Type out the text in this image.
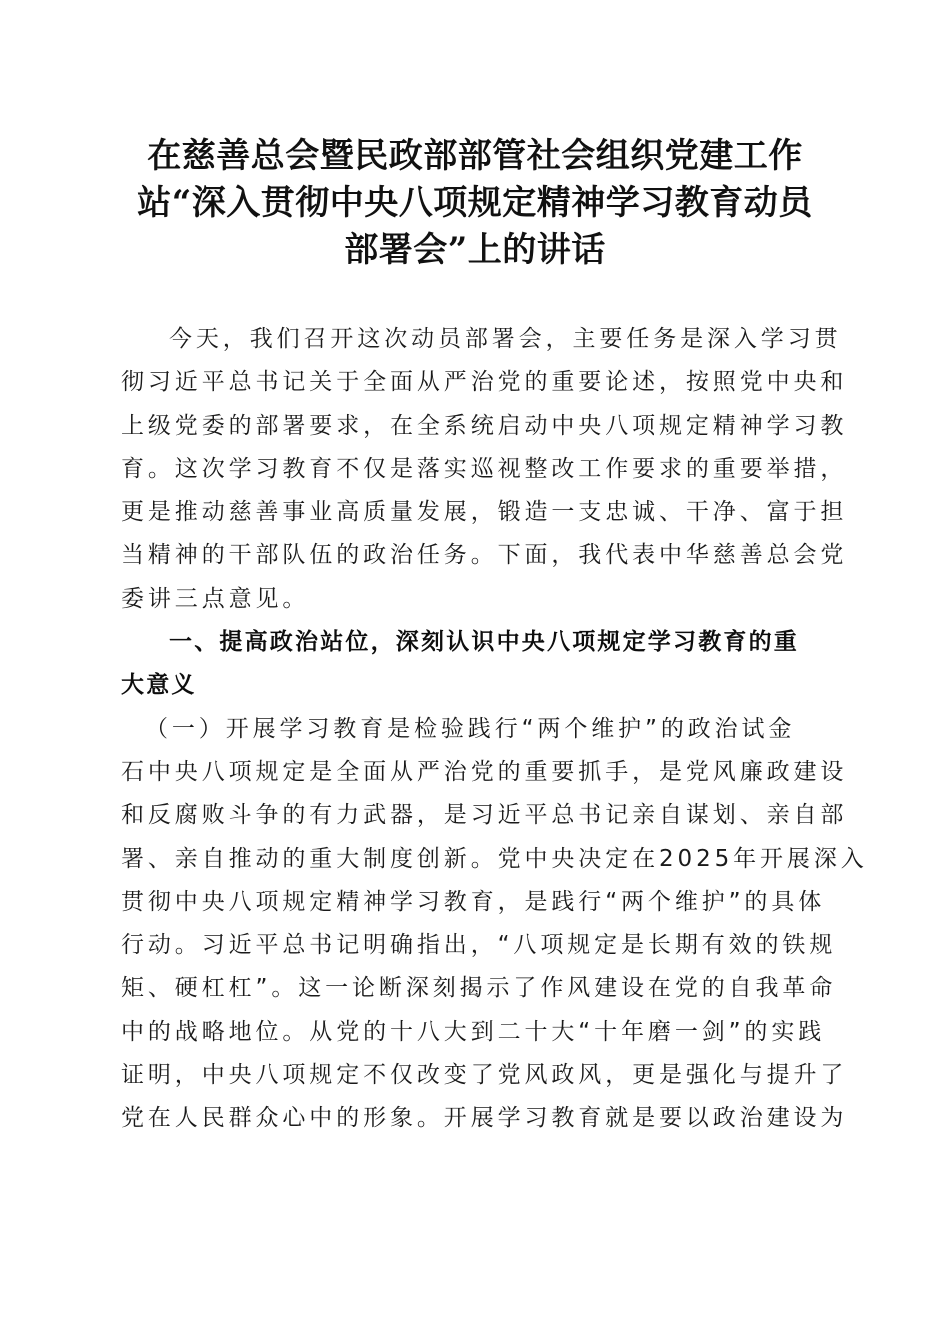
在慈善总会暨民政部部管社会组织党建工作
站“深入贯彻中央八项规定精神学习教育动员
部署会”上的讲话
今天，我们召开这次动员部署会，主要任务是深入学习贯
彻习近平总书记关于全面从严治党的重要论述，按照党中央和
上级党委的部署要求，在全系统启动中央八项规定精神学习教
育。这次学习教育不仅是落实巡视整改工作要求的重要举措，
更是推动慈善事业高质量发展，锻造一支忠诚、干净、富于担
当精神的干部队伍的政治任务。下面，我代表中华慈善总会党
委讲三点意见。
一、提高政治站位，深刻认识中央八项规定学习教育的重
大意义
（一）开展学习教育是检验践行“两个维护”的政治试金
石中央八项规定是全面从严治党的重要抓手，是党风廉政建设
和反腐败斗争的有力武器，是习近平总书记亲自谋划、亲自部
署、亲自推动的重大制度创新。党中央决定在2025年开展深入
贯彻中央八项规定精神学习教育，是践行“两个维护”的具体
行动。习近平总书记明确指出，“八项规定是长期有效的铁规
矩、硬杠杠”。这一论断深刻揭示了作风建设在党的自我革命
中的战略地位。从党的十八大到二十大“十年磨一剑”的实践
证明，中央八项规定不仅改变了党风政风，更是强化与提升了
党在人民群众心中的形象。开展学习教育就是要以政治建设为
